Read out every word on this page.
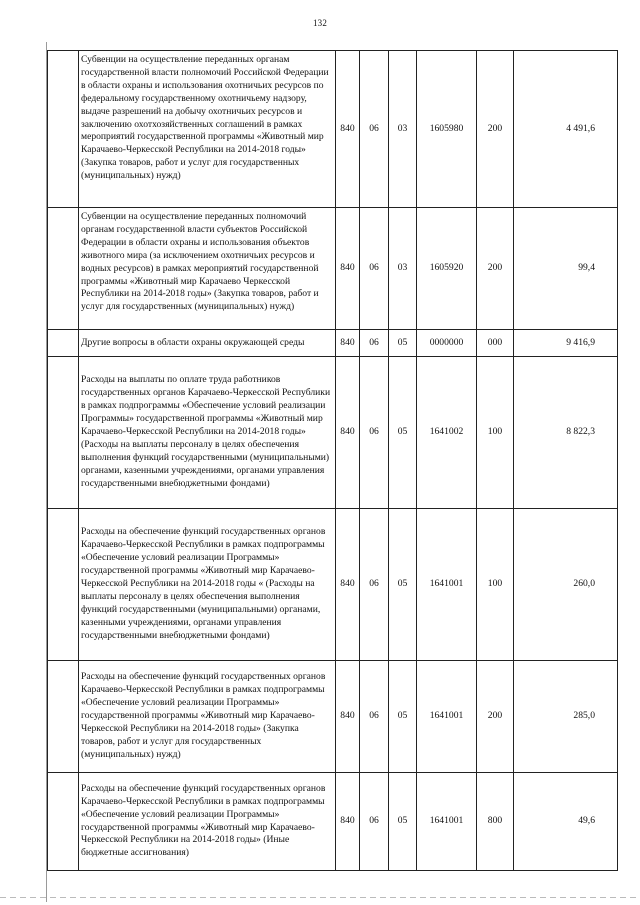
132

	Субвенции на осуществление переданных органам государственной власти полномочий Российской Федерации в области охраны и использования охотничьих ресурсов по федеральному государственному охотничьему надзору, выдаче разрешений на добычу охотничьих ресурсов и заключению охотхозяйственных соглашений в рамках мероприятий государственной программы «Животный мир Карачаево-Черкесской Республики на 2014-2018 годы» (Закупка товаров, работ и услуг для государственных (муниципальных) нужд)	840	06	03	1605980	200	4 491,6

	Субвенции на осуществление переданных полномочий органам государственной власти субъектов Российской Федерации в области охраны и использования объектов животного мира (за исключением охотничьих ресурсов и водных ресурсов) в рамках мероприятий государственной программы «Животный мир Карачаево Черкесской Республики на 2014-2018 годы» (Закупка товаров, работ и услуг для государственных (муниципальных) нужд)	840	06	03	1605920	200	99,4

	Другие вопросы в области охраны окружающей среды	840	06	05	0000000	000	9 416,9

	Расходы на выплаты по оплате труда работников государственных органов Карачаево-Черкесской Республики в рамках подпрограммы «Обеспечение условий реализации Программы» государственной программы «Животный мир Карачаево-Черкесской Республики на 2014-2018 годы» (Расходы на выплаты персоналу в целях обеспечения выполнения функций государственными (муниципальными) органами, казенными учреждениями, органами управления государственными внебюджетными фондами)	840	06	05	1641002	100	8 822,3

	Расходы на обеспечение функций государственных органов Карачаево-Черкесской Республики в рамках подпрограммы «Обеспечение условий реализации Программы» государственной программы «Животный мир Карачаево-Черкесской Республики на 2014-2018 годы « (Расходы на выплаты персоналу в целях обеспечения выполнения функций государственными (муниципальными) органами, казенными учреждениями, органами управления государственными внебюджетными фондами)	840	06	05	1641001	100	260,0

	Расходы на обеспечение функций государственных органов Карачаево-Черкесской Республики в рамках подпрограммы «Обеспечение условий реализации Программы» государственной программы «Животный мир Карачаево-Черкесской Республики на 2014-2018 годы» (Закупка товаров, работ и услуг для государственных (муниципальных) нужд)	840	06	05	1641001	200	285,0

	Расходы на обеспечение функций государственных органов Карачаево-Черкесской Республики в рамках подпрограммы «Обеспечение условий реализации Программы» государственной программы «Животный мир Карачаево-Черкесской Республики на 2014-2018 годы» (Иные бюджетные ассигнования)	840	06	05	1641001	800	49,6
